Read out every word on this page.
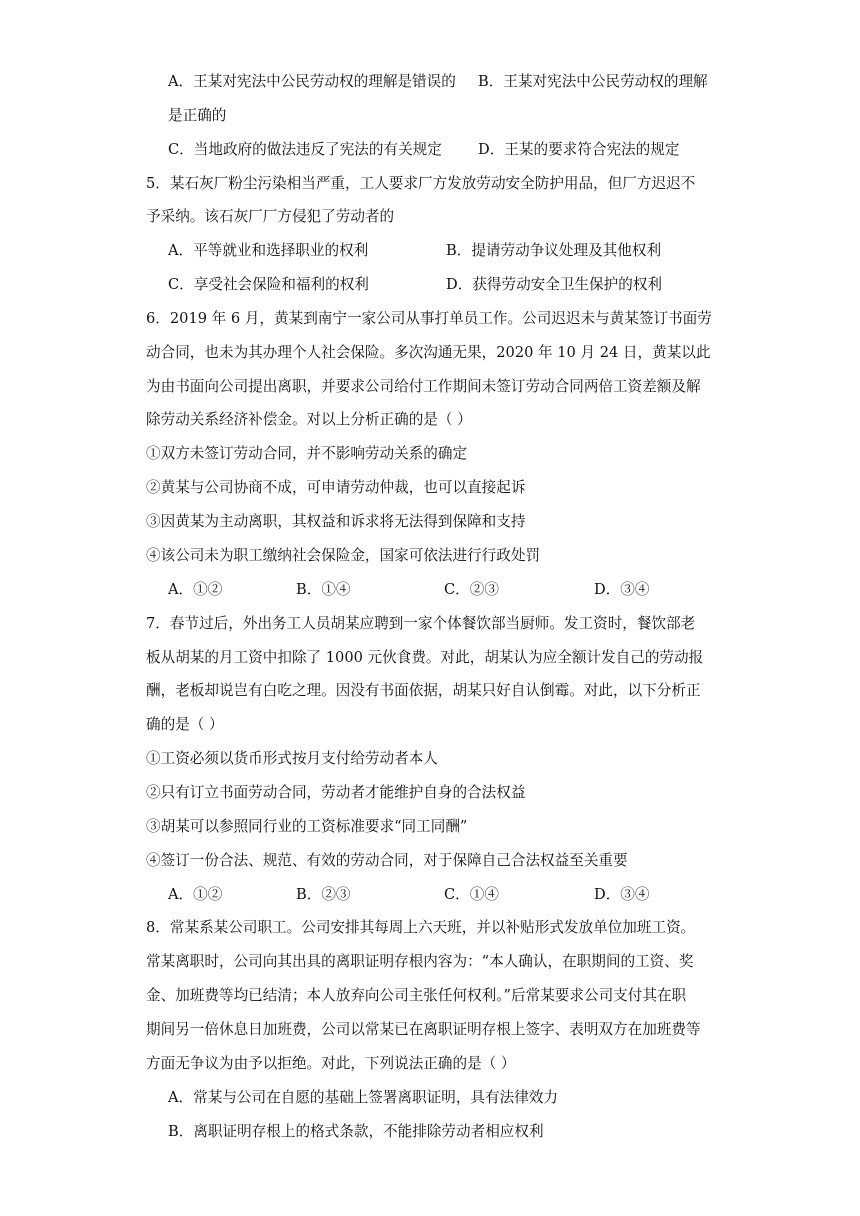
A．王某对宪法中公民劳动权的理解是错误的 B．王某对宪法中公民劳动权的理解
是正确的
C．当地政府的做法违反了宪法的有关规定 D．王某的要求符合宪法的规定
5．某石灰厂粉尘污染相当严重，工人要求厂方发放劳动安全防护用品，但厂方迟迟不
予采纳。该石灰厂厂方侵犯了劳动者的
A．平等就业和选择职业的权利	B．提请劳动争议处理及其他权利
C．享受社会保险和福利的权利	D．获得劳动安全卫生保护的权利
6．2019 年 6 月，黄某到南宁一家公司从事打单员工作。公司迟迟未与黄某签订书面劳
动合同，也未为其办理个人社会保险。多次沟通无果，2020 年 10 月 24 日，黄某以此
为由书面向公司提出离职，并要求公司给付工作期间未签订劳动合同两倍工资差额及解
除劳动关系经济补偿金。对以上分析正确的是（ ）
①双方未签订劳动合同，并不影响劳动关系的确定
②黄某与公司协商不成，可申请劳动仲裁，也可以直接起诉
③因黄某为主动离职，其权益和诉求将无法得到保障和支持
④该公司未为职工缴纳社会保险金，国家可依法进行行政处罚
A．①②	B．①④	C．②③	D．③④
7．春节过后，外出务工人员胡某应聘到一家个体餐饮部当厨师。发工资时，餐饮部老
板从胡某的月工资中扣除了 1000 元伙食费。对此，胡某认为应全额计发自己的劳动报
酬，老板却说岂有白吃之理。因没有书面依据，胡某只好自认倒霉。对此，以下分析正
确的是（ ）
①工资必须以货币形式按月支付给劳动者本人
②只有订立书面劳动合同，劳动者才能维护自身的合法权益
③胡某可以参照同行业的工资标准要求“同工同酬”
④签订一份合法、规范、有效的劳动合同，对于保障自己合法权益至关重要
A．①②	B．②③	C．①④	D．③④
8．常某系某公司职工。公司安排其每周上六天班，并以补贴形式发放单位加班工资。
常某离职时，公司向其出具的离职证明存根内容为：“本人确认，在职期间的工资、奖
金、加班费等均已结清；本人放弃向公司主张任何权利。”后常某要求公司支付其在职
期间另一倍休息日加班费，公司以常某已在离职证明存根上签字、表明双方在加班费等
方面无争议为由予以拒绝。对此，下列说法正确的是（ ）
A．常某与公司在自愿的基础上签署离职证明，具有法律效力
B．离职证明存根上的格式条款，不能排除劳动者相应权利
